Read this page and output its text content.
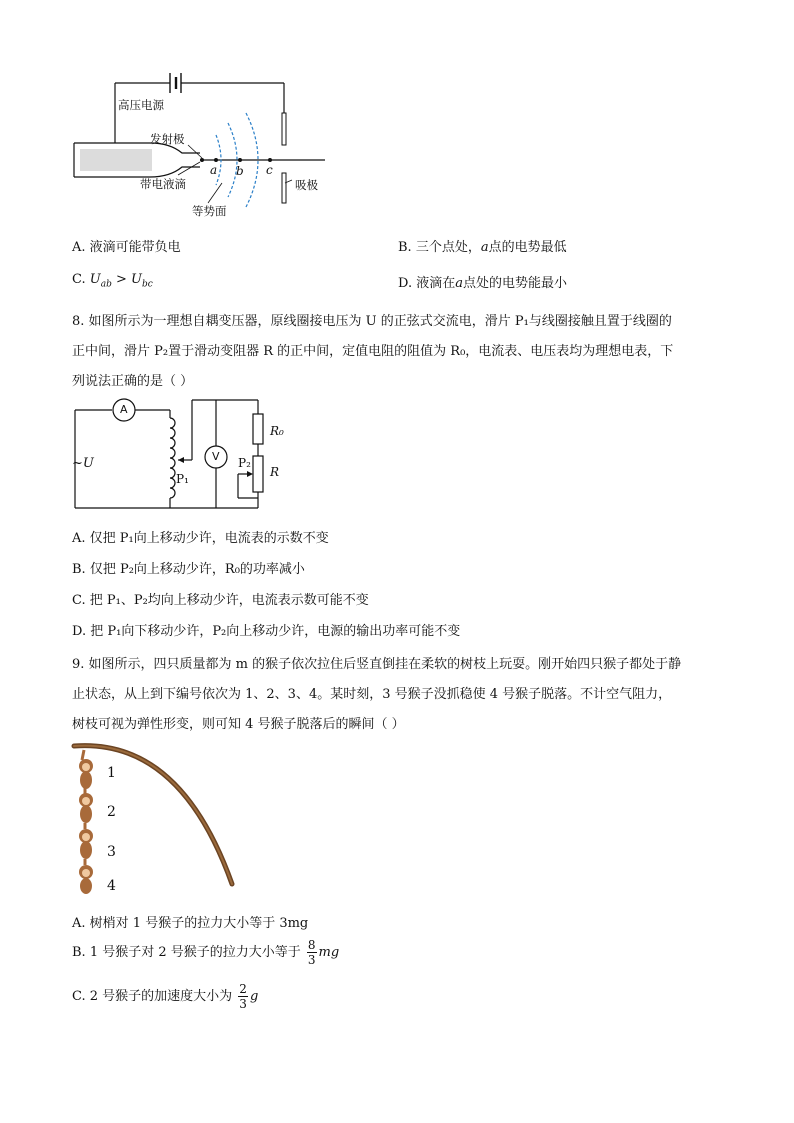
高压电源
发射极
带电液滴
等势面
吸极
a b c
A. 液滴可能带负电	B. 三个点处，a点的电势最低
C. $U_{ab} > U_{bc}$	D. 液滴在a点处的电势能最小
8. 如图所示为一理想自耦变压器，原线圈接电压为 U 的正弦式交流电，滑片 P₁与线圈接触且置于线圈的
正中间，滑片 P₂置于滑动变阻器 R 的正中间，定值电阻的阻值为 R₀，电流表、电压表均为理想电表，下
列说法正确的是（ ）
A
V
~U
P₁
P₂
R₀
R
A. 仅把 P₁向上移动少许，电流表的示数不变
B. 仅把 P₂向上移动少许，R₀的功率减小
C. 把 P₁、P₂均向上移动少许，电流表示数可能不变
D. 把 P₁向下移动少许，P₂向上移动少许，电源的输出功率可能不变
9. 如图所示，四只质量都为 m 的猴子依次拉住后竖直倒挂在柔软的树枝上玩耍。刚开始四只猴子都处于静
止状态，从上到下编号依次为 1、2、3、4。某时刻，3 号猴子没抓稳使 4 号猴子脱落。不计空气阻力，
树枝可视为弹性形变，则可知 4 号猴子脱落后的瞬间（ ）
1
2
3
4
A. 树梢对 1 号猴子的拉力大小等于 3mg
B. 1 号猴子对 2 号猴子的拉力大小等于 $\frac{8}{3}$ mg
C. 2 号猴子的加速度大小为 $\frac{2}{3}$ g
